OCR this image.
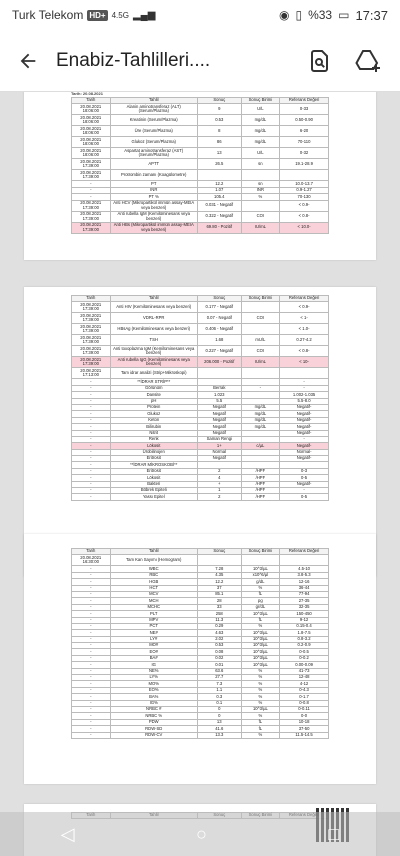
Turk Telekom HD+ 4.5G ▂▄▆	◉ ▯ %33 ▭ 17:37
Enabiz-Tahlilleri....
Tarih: 20.08.2021
Tarih	Tahlil	Sonuç	Sonuç Birimi	Referans Değeri
20.08.2021 18:06:00	Alanin aminotransferaz (ALT) (Serum/Plazma)	9	U/L	0-33
20.08.2021 18:06:00	Kreatinin (Serum/Plazma)	0.53	mg/dL	0.50-0.90
20.08.2021 18:06:00	Üre (Serum/Plazma)	8	mg/dL	6-20
20.08.2021 18:06:00	Glukoz (Serum/Plazma)	86	mg/dL	70-110
20.08.2021 18:06:00	Aspartat aminotransferaz (AST) (Serum/Plazma)	13	U/L	0-32
20.08.2021 17:39:00	APTT	26.5	sn	19.1-28.9
20.08.2021 17:39:00	Protrombin zamanı (Koagülometre)			
-	PT	12.2	sn	10.0-13.7
-	INR	1.07	INR	0.9-1.27
-	PT %	105.4	%	70-130
20.08.2021 17:39:00	Anti HCV (Mikropartikül immün assay-MEIA veya benzeri)	0.031 - Negatif		< 0.9-
20.08.2021 17:39:00	Anti rubella IgM (Kemilüminesans veya benzeri)	0.322 - Negatif	COI	< 0.8-
20.08.2021 17:39:00	Anti HBs (Mikropartikül immün assay-MEIA veya benzeri)	69.80 - Pozitif	IU/mL	< 10.0-
Tarih	Tahlil	Sonuç	Sonuç Birimi	Referans Değeri
20.08.2021 17:39:00	Anti HIV (Kemilüminesans veya benzeri)	0.177 - Negatif		< 0.9-
20.08.2021 17:39:00	VDRL-RPR	0.07 - Negatif	COI	< 1-
20.08.2021 17:39:00	HBsAg (Kemilüminesans veya benzeri)	0.406 - Negatif		< 1.0-
20.08.2021 17:39:00	TSH	1.68	mU/L	0.27-4.2
20.08.2021 17:39:00	Anti toxoplazma IgM (Kemilüminesans veya benzeri)	0.227 - Negatif	COI	< 0.8-
20.08.2021 17:39:00	Anti rubella IgG (Kemilüminesans veya benzeri)	206.000 - Pozitif	IU/mL	< 10-
20.08.2021 17:13:00	Tam idrar analizi (Strip+Mikroskopi)			
-	**İDRAR STRİP**			-
-	Görünüm	Berrak	-	-
-	Dansite	1.023		1.002-1.035
-	pH	5.5		5.5-8.0
-	Protein	Negatif	mg/dL	Negatif-
-	Glukoz	Negatif	mg/dL	Negatif-
-	Keton	Negatif	mg/dL	Negatif-
-	Bilirubin	Negatif	mg/dL	Negatif-
-	Nitrit	Negatif		Negatif-
-	Renk	Saman Rengi		-
-	Lökosit	1+	c/µL	Negatif-
-	Ürobilinojen	Normal		Normal-
-	Eritrosit	Negatif		Negatif-
-	**İDRAR MİKROSKOBİ**			
-	Eritrosit	2	/HPF	0-3
-	Lökosit	4	/HPF	0-5
-	Bakteri	+	/HPF	Negatif-
-	Böbrek Epiteli	1	/HPF	-
-	Yassı Epitel	2	/HPF	0-5
Tarih	Tahlil	Sonuç	Sonuç Birimi	Referans Değeri
20.08.2021 16:30:00	Tam Kan Sayımı (Hemogram)			
-	WBC	7.28	10^3/µL	4.5-10
-	RBC	4.35	x10^6/µl	3.8-5.3
-	HGB	12.2	g/dL	12-16
-	HCT	37	%	36-44
-	MCV	85.1	fL	77-94
-	MCH	28	pg	27-35
-	MCHC	33	gr/dL	32-35
-	PLT	258	10^3/µL	150-450
-	MPV	11.3	fL	9-12
-	PCT	0.29	%	0.15-0.4
-	NE#	4.63	10^3/µL	1.8-7.5
-	LY#	2.02	10^3/µL	0.8-3.2
-	MO#	0.53	10^3/µL	0.2-0.9
-	EO#	0.08	10^3/µL	0-0.5
-	BA#	0.02	10^3/µL	0-0.2
-	IG	0.01	10^3/µL	0.00-0.09
-	NE%	63.6	%	41-73
-	LY%	27.7	%	12-48
-	MO%	7.3	%	4-12
-	EO%	1.1	%	0-4.3
-	BA%	0.3	%	0-1.7
-	IG%	0.1	%	0-0.8
-	NRBC #	0	10^3/µL	0-0.11
-	NRBC %	0	%	0-0
-	PDW	13	fL	10-18
-	RDW-SD	41.6	fL	37-50
-	RDW-CV	13.3	%	11.5-14.5

◁	○	□
